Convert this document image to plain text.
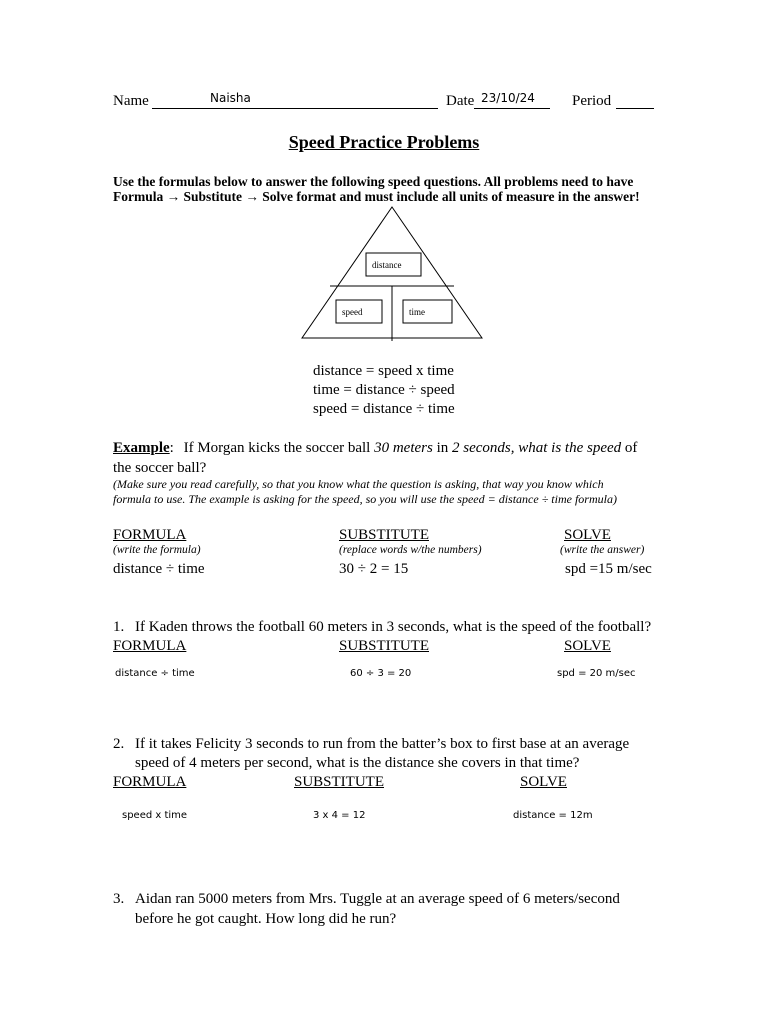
Name	Naisha	Date 23/10/24 Period
Speed Practice Problems
Use the formulas below to answer the following speed questions. All problems need to have
Formula → Substitute → Solve format and must include all units of measure in the answer!
distance
speed	time
distance = speed x time
time = distance ÷ speed
speed = distance ÷ time
Example: If Morgan kicks the soccer ball 30 meters in 2 seconds, what is the speed of
the soccer ball?
(Make sure you read carefully, so that you know what the question is asking, that way you know which
formula to use. The example is asking for the speed, so you will use the speed = distance ÷ time formula)
FORMULA	SUBSTITUTE	SOLVE
(write the formula)	(replace words w/the numbers)	(write the answer)
distance ÷ time	30 ÷ 2 = 15	spd =15 m/sec
1. If Kaden throws the football 60 meters in 3 seconds, what is the speed of the football?
FORMULA	SUBSTITUTE	SOLVE
distance ÷ time	60 ÷ 3 = 20	spd = 20 m/sec
2. If it takes Felicity 3 seconds to run from the batter’s box to first base at an average
speed of 4 meters per second, what is the distance she covers in that time?
FORMULA	SUBSTITUTE	SOLVE
speed x time	3 x 4 = 12	distance = 12m
3. Aidan ran 5000 meters from Mrs. Tuggle at an average speed of 6 meters/second
before he got caught. How long did he run?
